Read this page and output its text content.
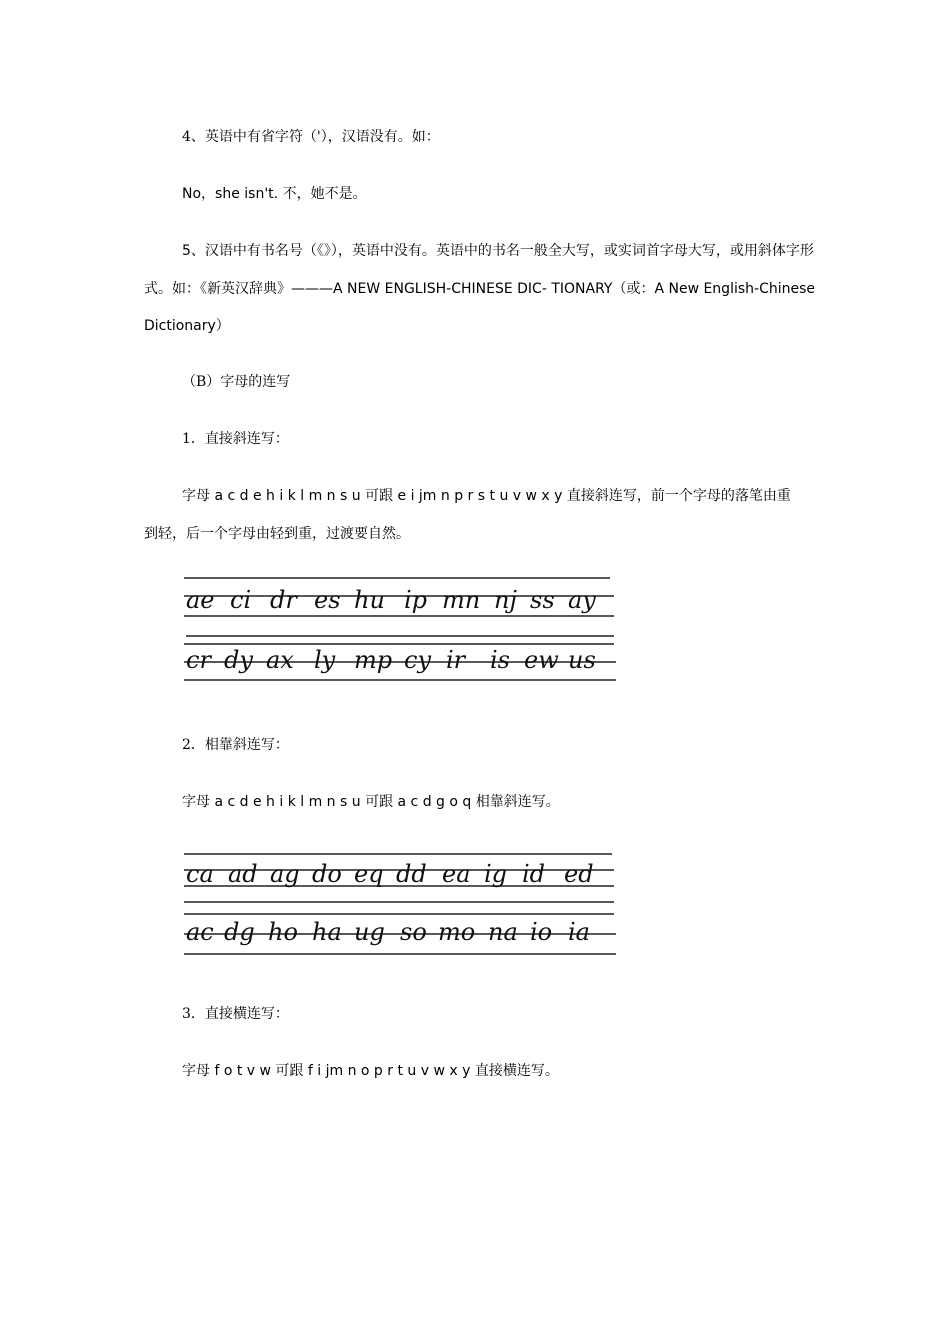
4、英语中有省字符（'），汉语没有。如：
No，she isn't. 不，她不是。
5、汉语中有书名号（《》），英语中没有。英语中的书名一般全大写，或实词首字母大写，或用斜体字形
式。如：《新英汉辞典》———A NEW ENGLISH-CHINESE DIC- TIONARY（或：A New English-Chinese
Dictionary）
（B）字母的连写
1．直接斜连写：
字母 a c d e h i k l m n s u 可跟 e i jm n p r s t u v w x y 直接斜连写，前一个字母的落笔由重
到轻，后一个字母由轻到重，过渡要自然。
ae ci dr es hu ip mn nj ss ay
cr dy ax ly mp cy ir is ew us
2．相靠斜连写：
字母 a c d e h i k l m n s u 可跟 a c d g o q 相靠斜连写。
ca ad ag do eq dd ea ig id ed
ac dg ho ha ug so mo na io ia
3．直接横连写：
字母 f o t v w 可跟 f i jm n o p r t u v w x y 直接横连写。
